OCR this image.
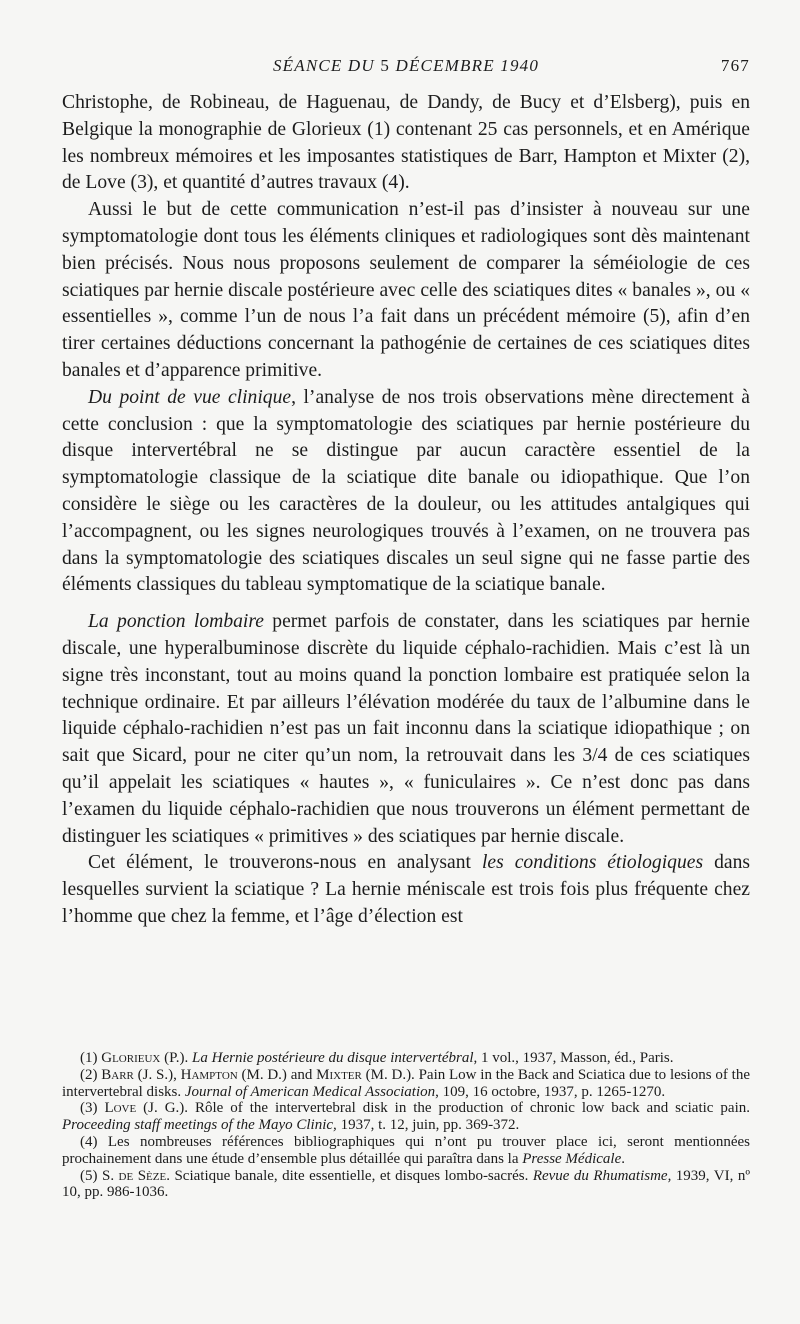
SÉANCE DU 5 DÉCEMBRE 1940	767

Christophe, de Robineau, de Haguenau, de Dandy, de Bucy et d’Elsberg), puis en Belgique la monographie de Glorieux (1) contenant 25 cas personnels, et en Amérique les nombreux mémoires et les imposantes statistiques de Barr, Hampton et Mixter (2), de Love (3), et quantité d’autres travaux (4).

Aussi le but de cette communication n’est-il pas d’insister à nouveau sur une symptomatologie dont tous les éléments cliniques et radiologiques sont dès maintenant bien précisés. Nous nous proposons seulement de comparer la séméiologie de ces sciatiques par hernie discale postérieure avec celle des sciatiques dites « banales », ou « essentielles », comme l’un de nous l’a fait dans un précédent mémoire (5), afin d’en tirer certaines déductions concernant la pathogénie de certaines de ces sciatiques dites banales et d’apparence primitive.

Du point de vue clinique, l’analyse de nos trois observations mène directement à cette conclusion : que la symptomatologie des sciatiques par hernie postérieure du disque intervertébral ne se distingue par aucun caractère essentiel de la symptomatologie classique de la sciatique dite banale ou idiopathique. Que l’on considère le siège ou les caractères de la douleur, ou les attitudes antalgiques qui l’accompagnent, ou les signes neurologiques trouvés à l’examen, on ne trouvera pas dans la symptomatologie des sciatiques discales un seul signe qui ne fasse partie des éléments classiques du tableau symptomatique de la sciatique banale.

La ponction lombaire permet parfois de constater, dans les sciatiques par hernie discale, une hyperalbuminose discrète du liquide céphalo-rachidien. Mais c’est là un signe très inconstant, tout au moins quand la ponction lombaire est pratiquée selon la technique ordinaire. Et par ailleurs l’élévation modérée du taux de l’albumine dans le liquide céphalo-rachidien n’est pas un fait inconnu dans la sciatique idiopathique ; on sait que Sicard, pour ne citer qu’un nom, la retrouvait dans les 3/4 de ces sciatiques qu’il appelait les sciatiques « hautes », « funiculaires ». Ce n’est donc pas dans l’examen du liquide céphalo-rachidien que nous trouverons un élément permettant de distinguer les sciatiques « primitives » des sciatiques par hernie discale.

Cet élément, le trouverons-nous en analysant les conditions étiologiques dans lesquelles survient la sciatique ? La hernie méniscale est trois fois plus fréquente chez l’homme que chez la femme, et l’âge d’élection est

(1) Glorieux (P.). La Hernie postérieure du disque intervertébral, 1 vol., 1937, Masson, éd., Paris.

(2) Barr (J. S.), Hampton (M. D.) and Mixter (M. D.). Pain Low in the Back and Sciatica due to lesions of the intervertebral disks. Journal of American Medical Association, 109, 16 octobre, 1937, p. 1265-1270.

(3) Love (J. G.). Rôle of the intervertebral disk in the production of chronic low back and sciatic pain. Proceeding staff meetings of the Mayo Clinic, 1937, t. 12, juin, pp. 369-372.

(4) Les nombreuses références bibliographiques qui n’ont pu trouver place ici, seront mentionnées prochainement dans une étude d’ensemble plus détaillée qui paraîtra dans la Presse Médicale.

(5) S. de Sèze. Sciatique banale, dite essentielle, et disques lombo-sacrés. Revue du Rhumatisme, 1939, VI, nº 10, pp. 986-1036.
